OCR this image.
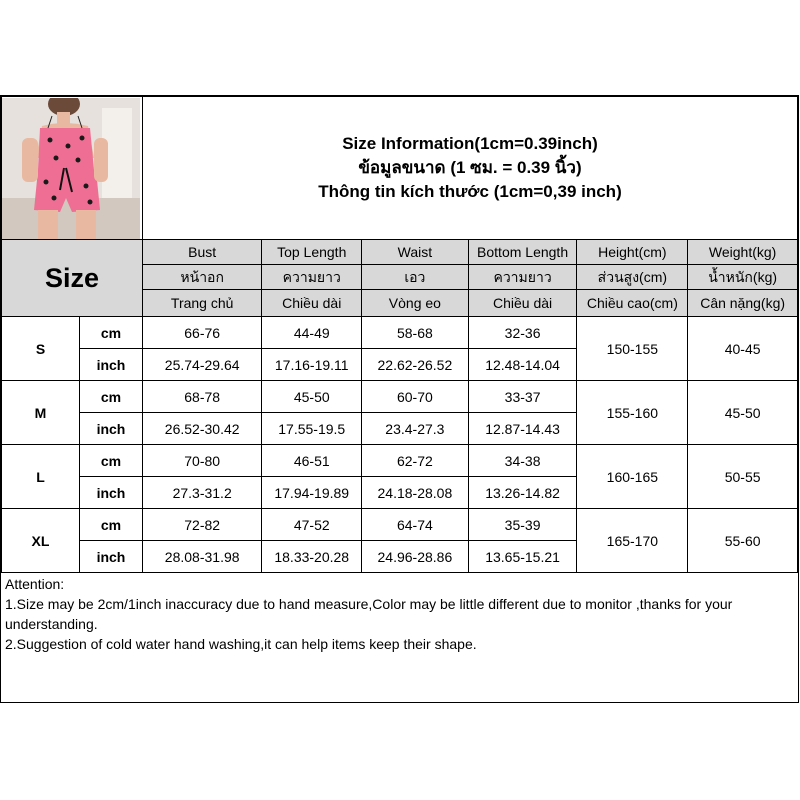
Size Information(1cm=0.39inch)
ข้อมูลขนาด (1 ซม. = 0.39 นิ้ว)
Thông tin kích thước (1cm=0,39 inch)					

Size		Bust	Top Length	Waist	Bottom Length	Height(cm)	Weight(kg)
		หน้าอก	ความยาว	เอว	ความยาว	ส่วนสูง(cm)	น้ำหนัก(kg)
		Trang chủ	Chiều dài	Vòng eo	Chiều dài	Chiều cao(cm)	Cân nặng(kg)
S	cm	66-76	44-49	58-68	32-36	150-155	40-45
	inch	25.74-29.64	17.16-19.11	22.62-26.52	12.48-14.04		
M	cm	68-78	45-50	60-70	33-37	155-160	45-50
	inch	26.52-30.42	17.55-19.5	23.4-27.3	12.87-14.43		
L	cm	70-80	46-51	62-72	34-38	160-165	50-55
	inch	27.3-31.2	17.94-19.89	24.18-28.08	13.26-14.82		
XL	cm	72-82	47-52	64-74	35-39	165-170	55-60
	inch	28.08-31.98	18.33-20.28	24.96-28.86	13.65-15.21		
Attention:
1.Size may be 2cm/1inch inaccuracy due to hand measure,Color may be little different due to monitor ,thanks for your understanding.
2.Suggestion of cold water hand washing,it can help items keep their shape.
